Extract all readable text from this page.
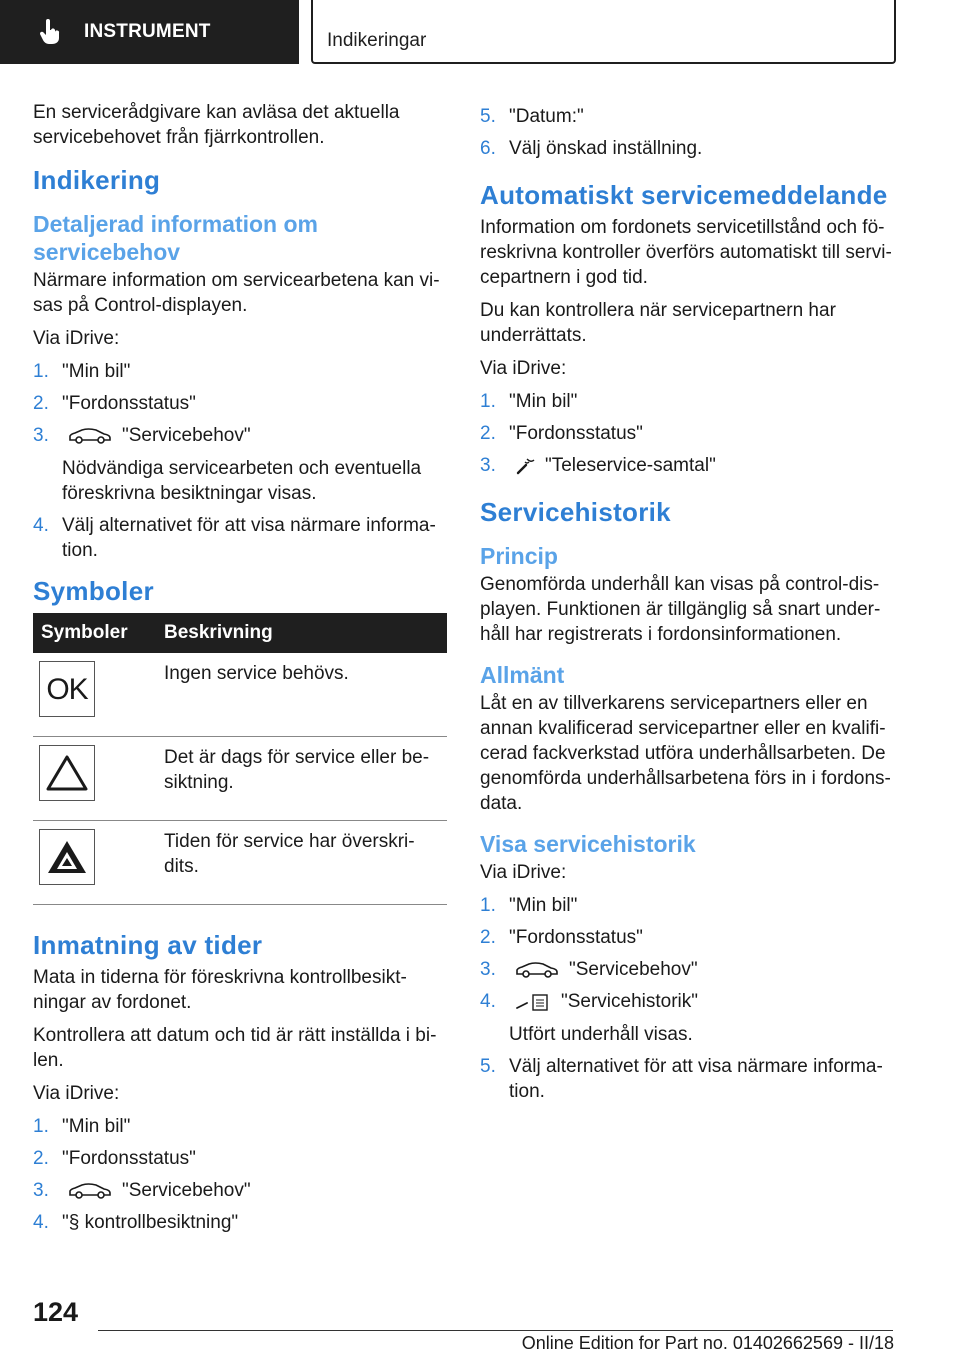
INSTRUMENT	Indikeringar

En servicerådgivare kan avläsa det aktuella servicebehovet från fjärrkontrollen.

Indikering
Detaljerad information om servicebehov

Närmare information om servicearbetena kan visas på Control-displayen.

Via iDrive:

1. "Min bil"
2. "Fordonsstatus"
3.	"Servicebehov"
Nödvändiga servicearbeten och eventuella föreskrivna besiktningar visas.
4. Välj alternativet för att visa närmare information.
Symboler
Symboler	Beskrivning

OK	Ingen service behövs.

	Det är dags för service eller besiktning.

	Tiden för service har överskridits.
Inmatning av tider

Mata in tiderna för föreskrivna kontrollbesiktningar av fordonet.

Kontrollera att datum och tid är rätt inställda i bilen.

Via iDrive:

1. "Min bil"
2. "Fordonsstatus"
3.	"Servicebehov"
4. "§ kontrollbesiktning"
5. "Datum:"
6. Välj önskad inställning.
Automatiskt servicemeddelande

Information om fordonets servicetillstånd och föreskrivna kontroller överförs automatiskt till servicepartnern i god tid.

Du kan kontrollera när servicepartnern har underrättats.

Via iDrive:

1. "Min bil"
2. "Fordonsstatus"
3.	"Teleservice-samtal"
Servicehistorik
Princip

Genomförda underhåll kan visas på control-displayen. Funktionen är tillgänglig så snart underhåll har registrerats i fordonsinformationen.

Allmänt

Låt en av tillverkarens servicepartners eller en annan kvalificerad servicepartner eller en kvalificerad fackverkstad utföra underhållsarbeten. De genomförda underhållsarbetena förs in i fordonsdata.

Visa servicehistorik

Via iDrive:

1. "Min bil"
2. "Fordonsstatus"
3.	"Servicebehov"
4.	"Servicehistorik"
Utfört underhåll visas.
5. Välj alternativet för att visa närmare information.
124
Online Edition for Part no. 01402662569 - II/18
